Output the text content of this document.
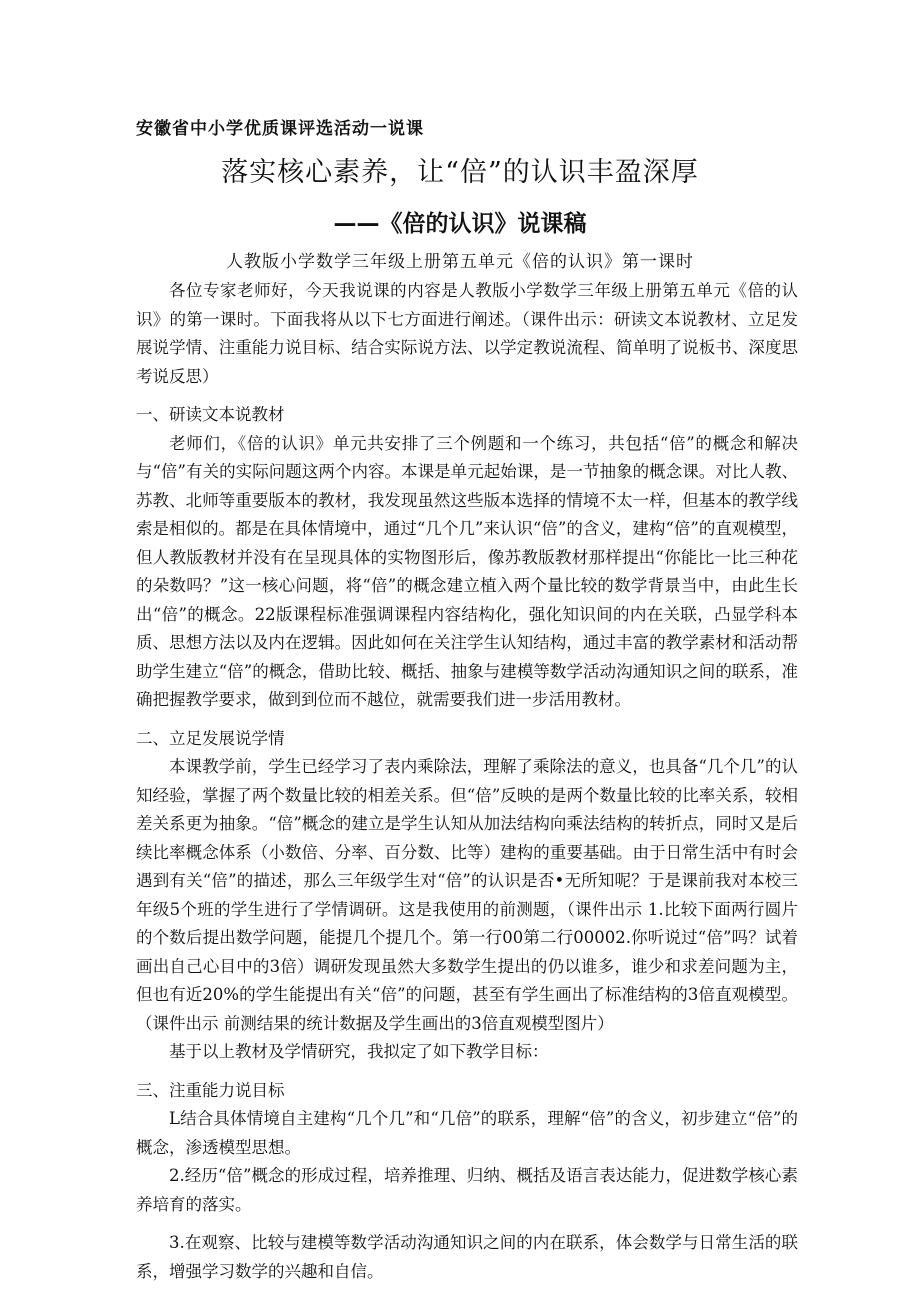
安徽省中小学优质课评选活动一说课
落实核心素养，让“倍”的认识丰盈深厚
——《倍的认识》说课稿
人教版小学数学三年级上册第五单元《倍的认识》第一课时

各位专家老师好，今天我说课的内容是人教版小学数学三年级上册第五单元《倍的认识》的第一课时。下面我将从以下七方面进行阐述。（课件出示：研读文本说教材、立足发展说学情、注重能力说目标、结合实际说方法、以学定教说流程、简单明了说板书、深度思考说反思）

一、研读文本说教材

老师们，《倍的认识》单元共安排了三个例题和一个练习，共包括“倍”的概念和解决与“倍”有关的实际问题这两个内容。本课是单元起始课，是一节抽象的概念课。对比人教、苏教、北师等重要版本的教材，我发现虽然这些版本选择的情境不太一样，但基本的教学线索是相似的。都是在具体情境中，通过“几个几”来认识“倍”的含义，建构“倍”的直观模型，但人教版教材并没有在呈现具体的实物图形后，像苏教版教材那样提出“你能比一比三种花的朵数吗？”这一核心问题，将“倍”的概念建立植入两个量比较的数学背景当中，由此生长出“倍”的概念。22版课程标准强调课程内容结构化，强化知识间的内在关联，凸显学科本质、思想方法以及内在逻辑。因此如何在关注学生认知结构，通过丰富的教学素材和活动帮助学生建立“倍”的概念，借助比较、概括、抽象与建模等数学活动沟通知识之间的联系，准确把握教学要求，做到到位而不越位，就需要我们进一步活用教材。

二、立足发展说学情

本课教学前，学生已经学习了表内乘除法，理解了乘除法的意义，也具备“几个几”的认知经验，掌握了两个数量比较的相差关系。但“倍”反映的是两个数量比较的比率关系，较相差关系更为抽象。“倍”概念的建立是学生认知从加法结构向乘法结构的转折点，同时又是后续比率概念体系（小数倍、分率、百分数、比等）建构的重要基础。由于日常生活中有时会遇到有关“倍”的描述，那么三年级学生对“倍”的认识是否•无所知呢？于是课前我对本校三年级5个班的学生进行了学情调研。这是我使用的前测题，（课件出示 1.比较下面两行圆片的个数后提出数学问题，能提几个提几个。第一行00第二行00002.你听说过“倍”吗？试着画出自己心目中的3倍）调研发现虽然大多数学生提出的仍以谁多，谁少和求差问题为主，但也有近20%的学生能提出有关“倍”的问题，甚至有学生画出了标准结构的3倍直观模型。（课件出示 前测结果的统计数据及学生画出的3倍直观模型图片）

基于以上教材及学情研究，我拟定了如下教学目标：

三、注重能力说目标

L结合具体情境自主建构“几个几”和“几倍”的联系，理解“倍”的含义，初步建立“倍”的概念，渗透模型思想。

2.经历“倍”概念的形成过程，培养推理、归纳、概括及语言表达能力，促进数学核心素养培育的落实。

3.在观察、比较与建模等数学活动沟通知识之间的内在联系，体会数学与日常生活的联系，增强学习数学的兴趣和自信。
